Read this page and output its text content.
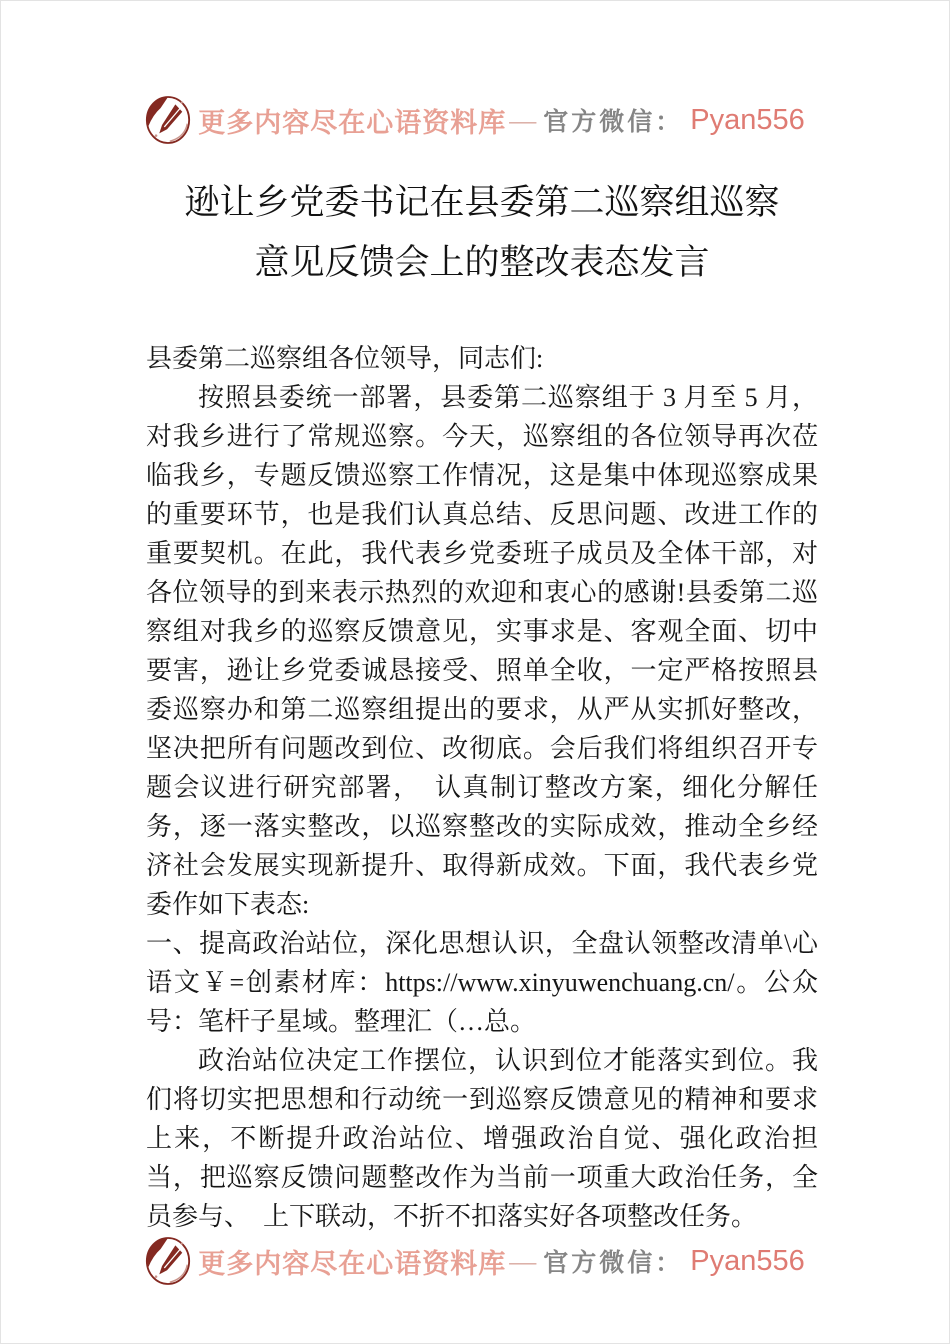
更多内容尽在心语资料库 — 官方微信： Pyan556
逊让乡党委书记在县委第二巡察组巡察
意见反馈会上的整改表态发言

县委第二巡察组各位领导，同志们:

按照县委统一部署，县委第二巡察组于 3 月至 5 月，对我乡进行了常规巡察。今天，巡察组的各位领导再次莅临我乡，专题反馈巡察工作情况，这是集中体现巡察成果的重要环节，也是我们认真总结、反思问题、改进工作的重要契机。在此，我代表乡党委班子成员及全体干部，对各位领导的到来表示热烈的欢迎和衷心的感谢!县委第二巡察组对我乡的巡察反馈意见，实事求是、客观全面、切中要害，逊让乡党委诚恳接受、照单全收，一定严格按照县委巡察办和第二巡察组提出的要求，从严从实抓好整改，坚决把所有问题改到位、改彻底。会后我们将组织召开专题会议进行研究部署，　认真制订整改方案，细化分解任务，逐一落实整改，以巡察整改的实际成效，推动全乡经济社会发展实现新提升、取得新成效。下面，我代表乡党委作如下表态:

一、提高政治站位，深化思想认识，全盘认领整改清单\心语文￥=创素材库：https://www.xinyuwenchuang.cn/。公众号：笔杆子星域。整理汇（…总。

政治站位决定工作摆位，认识到位才能落实到位。我们将切实把思想和行动统一到巡察反馈意见的精神和要求上来，不断提升政治站位、增强政治自觉、强化政治担当，把巡察反馈问题整改作为当前一项重大政治任务，全员参与、　上下联动，不折不扣落实好各项整改任务。

更多内容尽在心语资料库 — 官方微信： Pyan556
